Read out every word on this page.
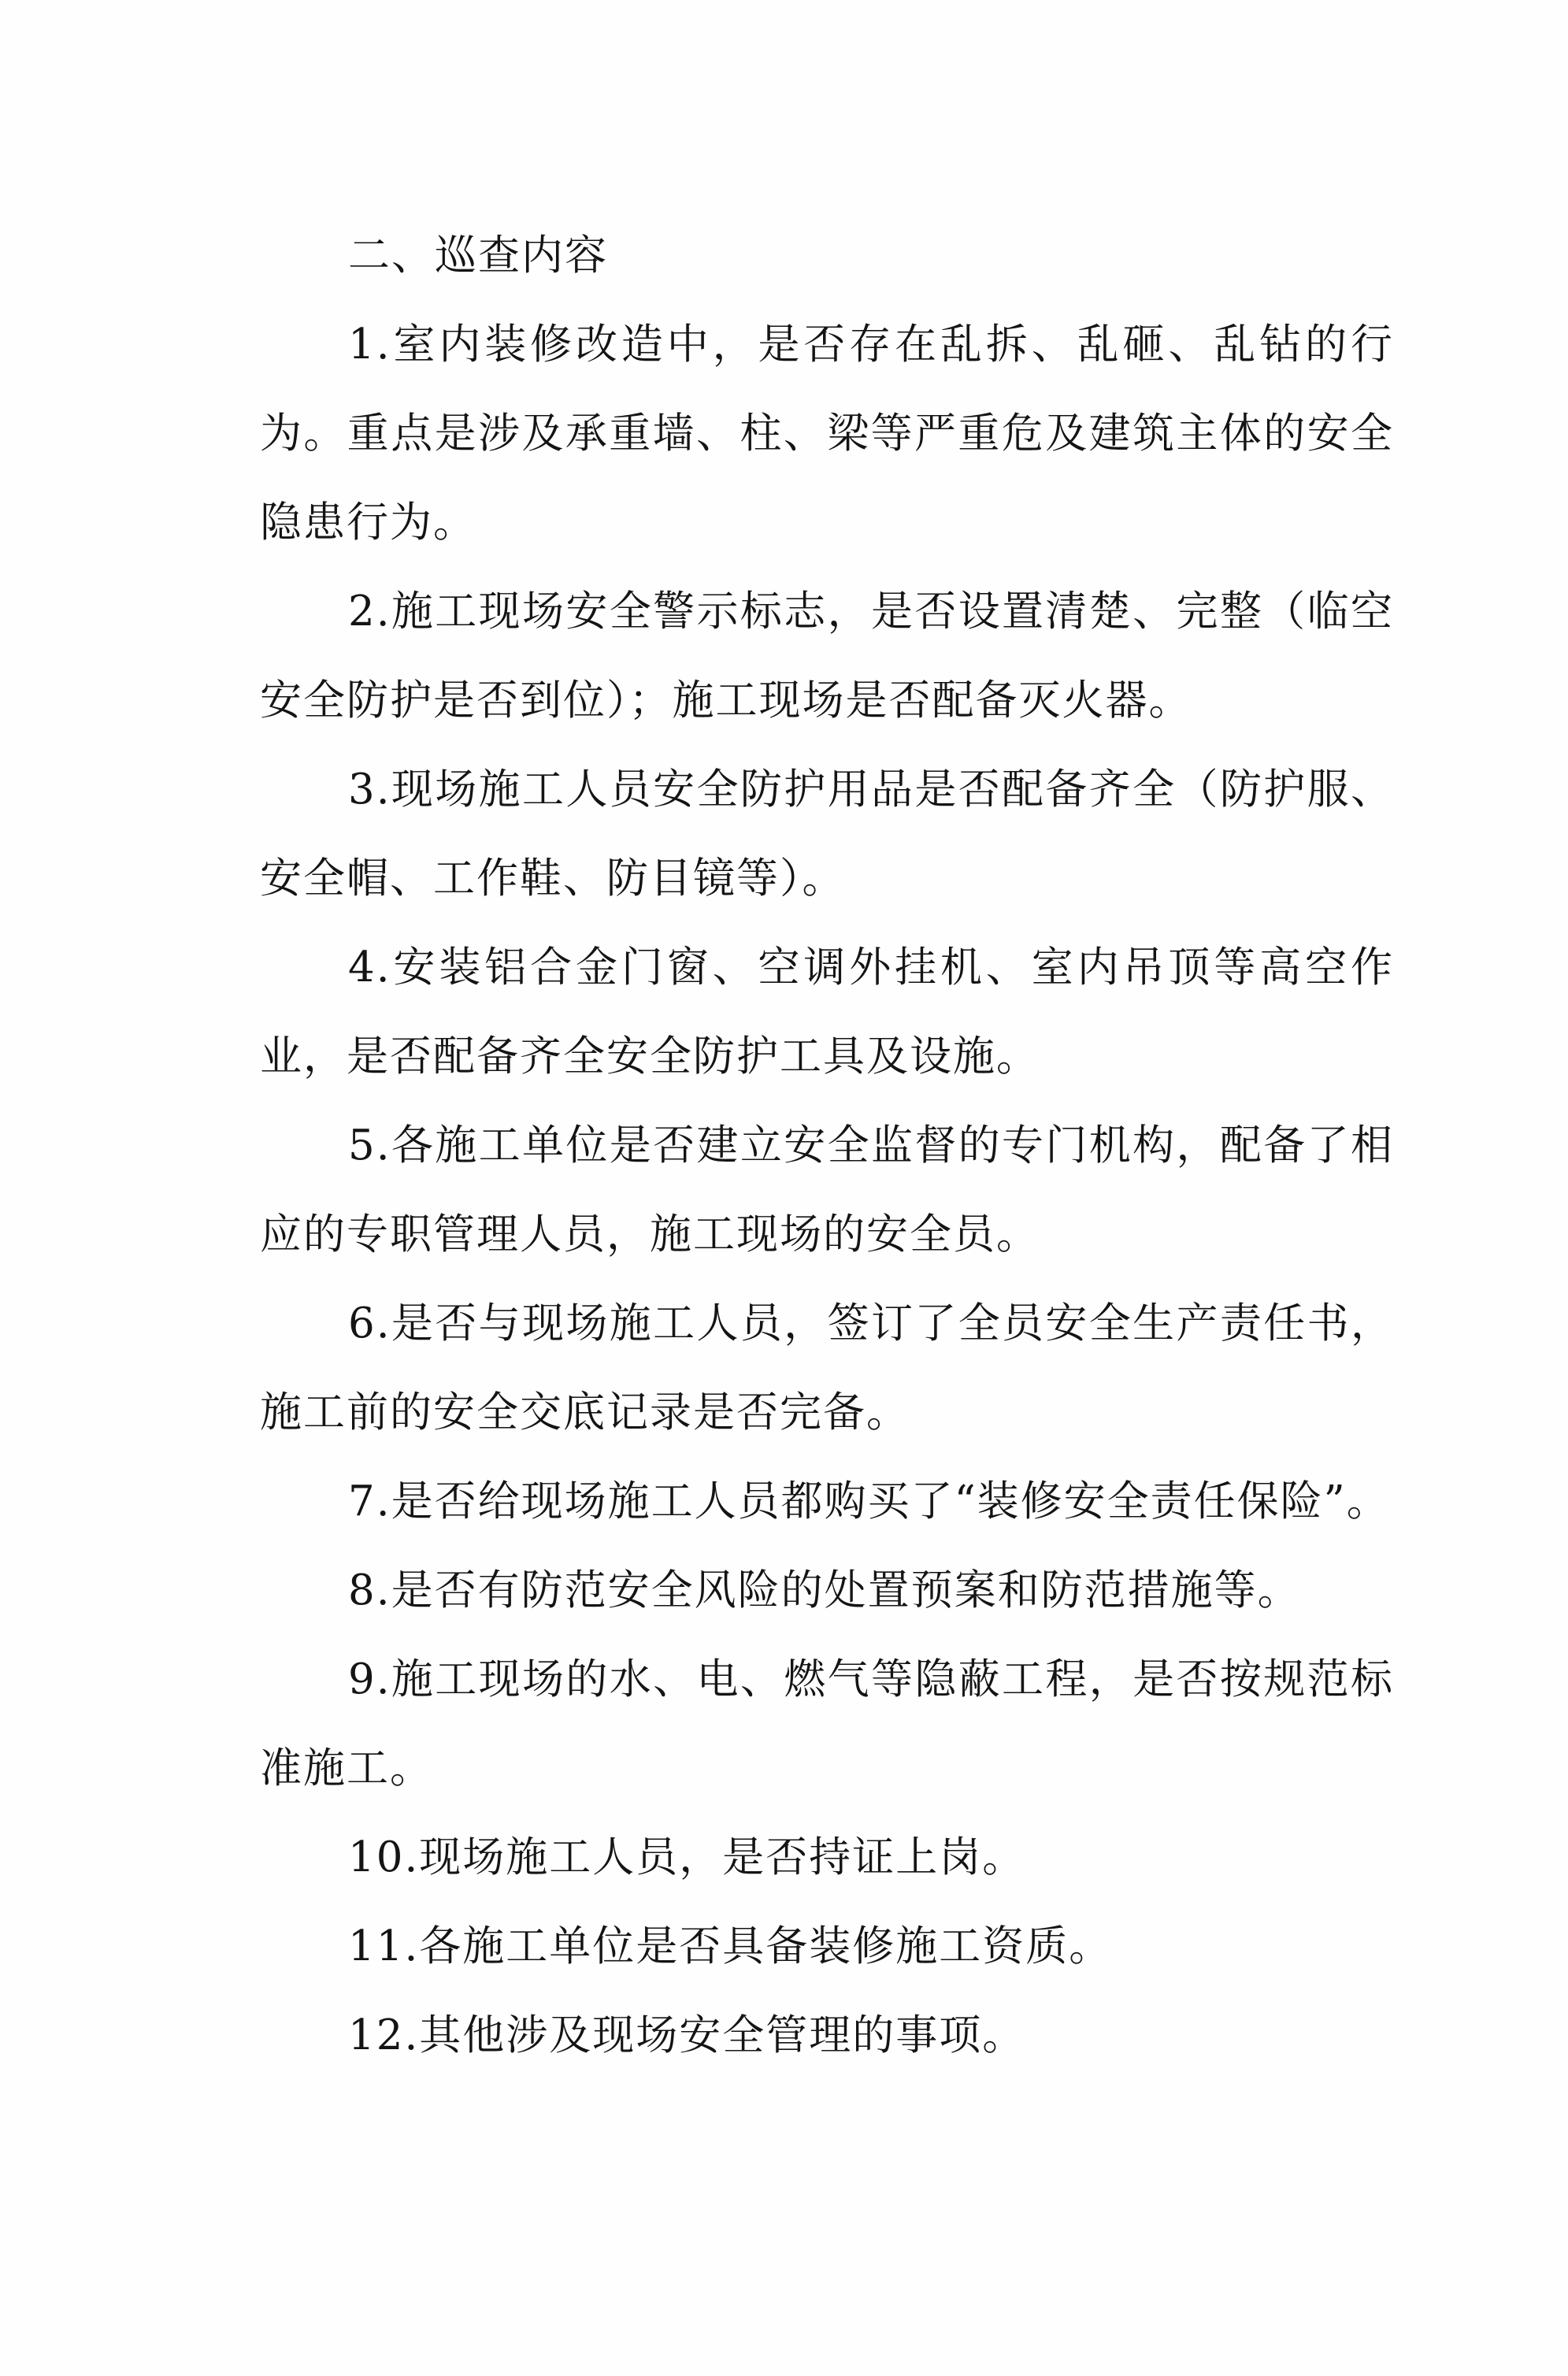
二、巡查内容

1.室内装修改造中，是否存在乱拆、乱砸、乱钻的行为。重点是涉及承重墙、柱、梁等严重危及建筑主体的安全隐患行为。

2.施工现场安全警示标志，是否设置清楚、完整（临空安全防护是否到位）；施工现场是否配备灭火器。

3.现场施工人员安全防护用品是否配备齐全（防护服、安全帽、工作鞋、防目镜等）。

4.安装铝合金门窗、空调外挂机、室内吊顶等高空作业，是否配备齐全安全防护工具及设施。

5.各施工单位是否建立安全监督的专门机构，配备了相应的专职管理人员，施工现场的安全员。

6.是否与现场施工人员，签订了全员安全生产责任书，施工前的安全交底记录是否完备。

7.是否给现场施工人员都购买了“装修安全责任保险”。

8.是否有防范安全风险的处置预案和防范措施等。

9.施工现场的水、电、燃气等隐蔽工程，是否按规范标准施工。

10.现场施工人员，是否持证上岗。

11.各施工单位是否具备装修施工资质。

12.其他涉及现场安全管理的事项。
